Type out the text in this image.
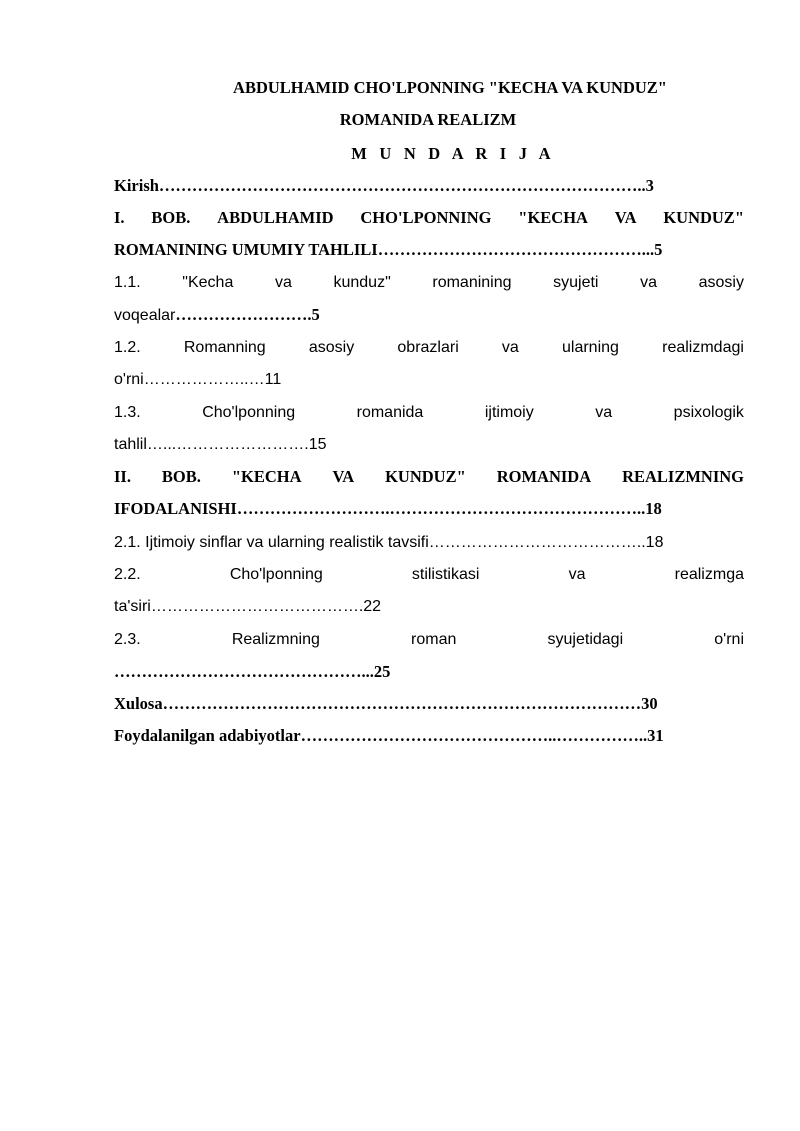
ABDULHAMID CHO'LPONNING "KECHA VA KUNDUZ"
ROMANIDA REALIZM
M U N D A R I J A
Kirish……………………………………………………………………………..3
I. BOB. ABDULHAMID CHO'LPONNING "KECHA VA KUNDUZ"
ROMANINING UMUMIY TAHLILI…………………………………………...5
1.1.	"Kecha	va	kunduz"	romanining	syujeti	va	asosiy
voqealar…………………….5
1.2.	Romanning	asosiy	obrazlari	va	ularning	realizmdagi
o'rni………………..…11
1.3.	Cho'lponning	romanida	ijtimoiy	va	psixologik
tahlil…...…………………….15
II. BOB. "KECHA VA KUNDUZ" ROMANIDA REALIZMNING
IFODALANISHI……………………….………………………………………..18
2.1. Ijtimoiy sinflar va ularning realistik tavsifi…………………………………..18
2.2.	Cho'lponning	stilistikasi	va	realizmga
ta'siri………………………………….22
2.3.	Realizmning	roman	syujetidagi	o'rni
………………………………………...25
Xulosa……………………………………………………………………………30
Foydalanilgan adabiyotlar………………………………………..……………..31
